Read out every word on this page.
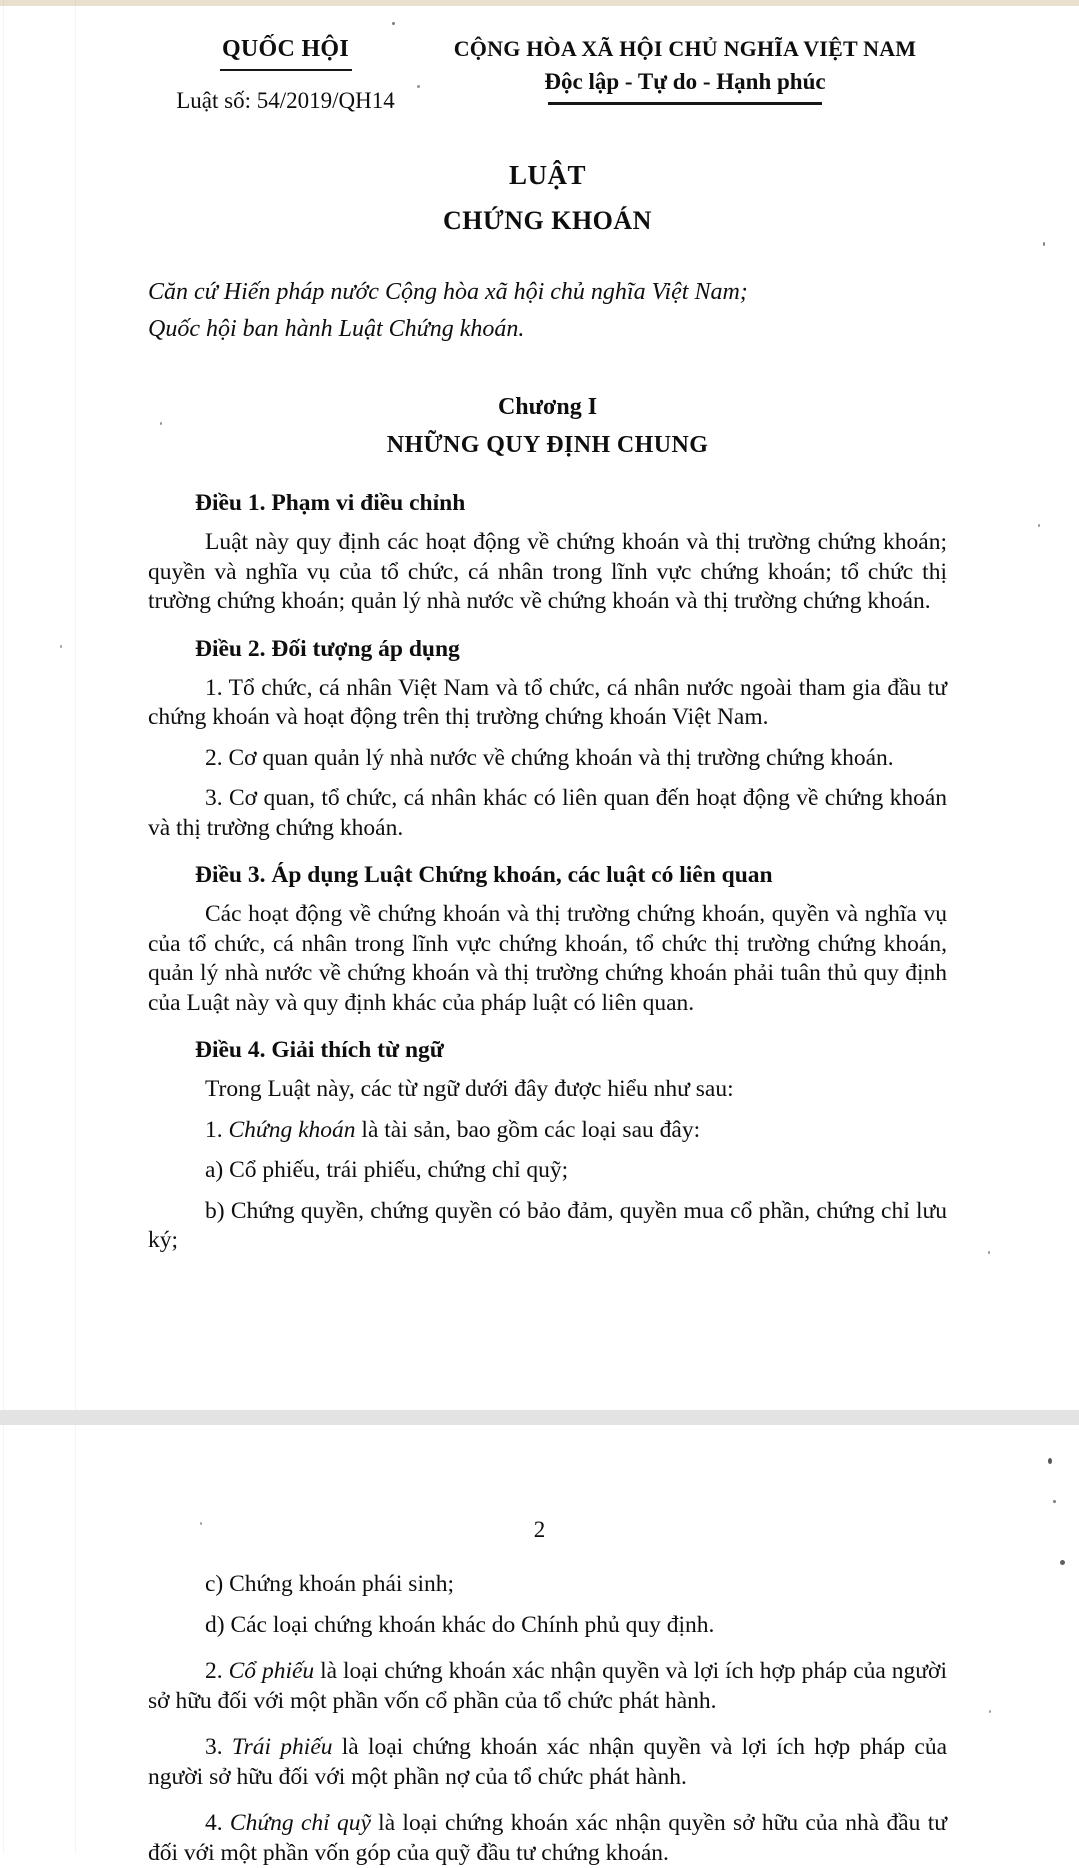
QUỐC HỘI
Luật số: 54/2019/QH14
CỘNG HÒA XÃ HỘI CHỦ NGHĨA VIỆT NAM
Độc lập - Tự do - Hạnh phúc
LUẬT
CHỨNG KHOÁN

Căn cứ Hiến pháp nước Cộng hòa xã hội chủ nghĩa Việt Nam;

Quốc hội ban hành Luật Chứng khoán.

Chương I
NHỮNG QUY ĐỊNH CHUNG
Điều 1. Phạm vi điều chỉnh

Luật này quy định các hoạt động về chứng khoán và thị trường chứng khoán; quyền và nghĩa vụ của tổ chức, cá nhân trong lĩnh vực chứng khoán; tổ chức thị trường chứng khoán; quản lý nhà nước về chứng khoán và thị trường chứng khoán.

Điều 2. Đối tượng áp dụng

1. Tổ chức, cá nhân Việt Nam và tổ chức, cá nhân nước ngoài tham gia đầu tư chứng khoán và hoạt động trên thị trường chứng khoán Việt Nam.

2. Cơ quan quản lý nhà nước về chứng khoán và thị trường chứng khoán.

3. Cơ quan, tổ chức, cá nhân khác có liên quan đến hoạt động về chứng khoán và thị trường chứng khoán.

Điều 3. Áp dụng Luật Chứng khoán, các luật có liên quan

Các hoạt động về chứng khoán và thị trường chứng khoán, quyền và nghĩa vụ của tổ chức, cá nhân trong lĩnh vực chứng khoán, tổ chức thị trường chứng khoán, quản lý nhà nước về chứng khoán và thị trường chứng khoán phải tuân thủ quy định của Luật này và quy định khác của pháp luật có liên quan.

Điều 4. Giải thích từ ngữ

Trong Luật này, các từ ngữ dưới đây được hiểu như sau:

1. Chứng khoán là tài sản, bao gồm các loại sau đây:

a) Cổ phiếu, trái phiếu, chứng chỉ quỹ;

b) Chứng quyền, chứng quyền có bảo đảm, quyền mua cổ phần, chứng chỉ lưu ký;

2

c) Chứng khoán phái sinh;

d) Các loại chứng khoán khác do Chính phủ quy định.

2. Cổ phiếu là loại chứng khoán xác nhận quyền và lợi ích hợp pháp của người sở hữu đối với một phần vốn cổ phần của tổ chức phát hành.

3. Trái phiếu là loại chứng khoán xác nhận quyền và lợi ích hợp pháp của người sở hữu đối với một phần nợ của tổ chức phát hành.

4. Chứng chỉ quỹ là loại chứng khoán xác nhận quyền sở hữu của nhà đầu tư đối với một phần vốn góp của quỹ đầu tư chứng khoán.
